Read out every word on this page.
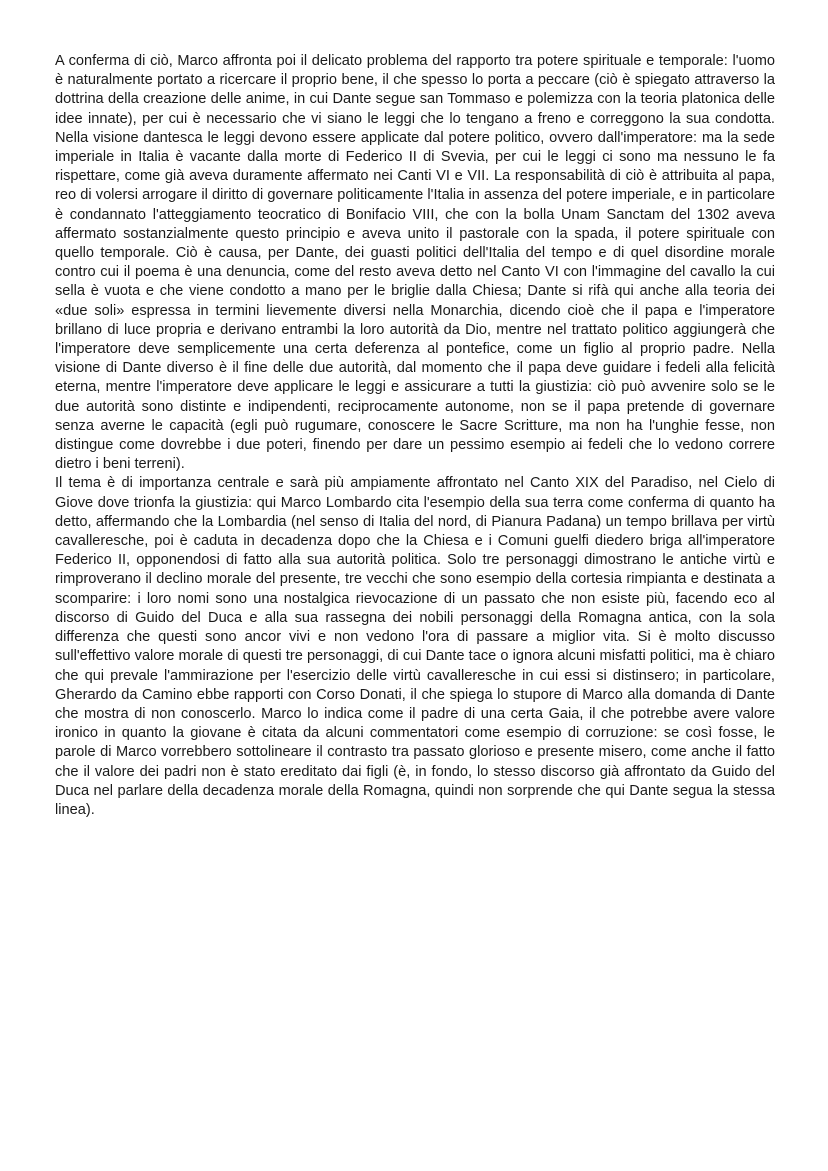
A conferma di ciò, Marco affronta poi il delicato problema del rapporto tra potere spirituale e temporale: l'uomo è naturalmente portato a ricercare il proprio bene, il che spesso lo porta a peccare (ciò è spiegato attraverso la dottrina della creazione delle anime, in cui Dante segue san Tommaso e polemizza con la teoria platonica delle idee innate), per cui è necessario che vi siano le leggi che lo tengano a freno e correggono la sua condotta. Nella visione dantesca le leggi devono essere applicate dal potere politico, ovvero dall'imperatore: ma la sede imperiale in Italia è vacante dalla morte di Federico II di Svevia, per cui le leggi ci sono ma nessuno le fa rispettare, come già aveva duramente affermato nei Canti VI e VII. La responsabilità di ciò è attribuita al papa, reo di volersi arrogare il diritto di governare politicamente l'Italia in assenza del potere imperiale, e in particolare è condannato l'atteggiamento teocratico di Bonifacio VIII, che con la bolla Unam Sanctam del 1302 aveva affermato sostanzialmente questo principio e aveva unito il pastorale con la spada, il potere spirituale con quello temporale. Ciò è causa, per Dante, dei guasti politici dell'Italia del tempo e di quel disordine morale contro cui il poema è una denuncia, come del resto aveva detto nel Canto VI con l'immagine del cavallo la cui sella è vuota e che viene condotto a mano per le briglie dalla Chiesa; Dante si rifà qui anche alla teoria dei «due soli» espressa in termini lievemente diversi nella Monarchia, dicendo cioè che il papa e l'imperatore brillano di luce propria e derivano entrambi la loro autorità da Dio, mentre nel trattato politico aggiungerà che l'imperatore deve semplicemente una certa deferenza al pontefice, come un figlio al proprio padre. Nella visione di Dante diverso è il fine delle due autorità, dal momento che il papa deve guidare i fedeli alla felicità eterna, mentre l'imperatore deve applicare le leggi e assicurare a tutti la giustizia: ciò può avvenire solo se le due autorità sono distinte e indipendenti, reciprocamente autonome, non se il papa pretende di governare senza averne le capacità (egli può rugumare, conoscere le Sacre Scritture, ma non ha l'unghie fesse, non distingue come dovrebbe i due poteri, finendo per dare un pessimo esempio ai fedeli che lo vedono correre dietro i beni terreni).

Il tema è di importanza centrale e sarà più ampiamente affrontato nel Canto XIX del Paradiso, nel Cielo di Giove dove trionfa la giustizia: qui Marco Lombardo cita l'esempio della sua terra come conferma di quanto ha detto, affermando che la Lombardia (nel senso di Italia del nord, di Pianura Padana) un tempo brillava per virtù cavalleresche, poi è caduta in decadenza dopo che la Chiesa e i Comuni guelfi diedero briga all'imperatore Federico II, opponendosi di fatto alla sua autorità politica. Solo tre personaggi dimostrano le antiche virtù e rimproverano il declino morale del presente, tre vecchi che sono esempio della cortesia rimpianta e destinata a scomparire: i loro nomi sono una nostalgica rievocazione di un passato che non esiste più, facendo eco al discorso di Guido del Duca e alla sua rassegna dei nobili personaggi della Romagna antica, con la sola differenza che questi sono ancor vivi e non vedono l'ora di passare a miglior vita. Si è molto discusso sull'effettivo valore morale di questi tre personaggi, di cui Dante tace o ignora alcuni misfatti politici, ma è chiaro che qui prevale l'ammirazione per l'esercizio delle virtù cavalleresche in cui essi si distinsero; in particolare, Gherardo da Camino ebbe rapporti con Corso Donati, il che spiega lo stupore di Marco alla domanda di Dante che mostra di non conoscerlo. Marco lo indica come il padre di una certa Gaia, il che potrebbe avere valore ironico in quanto la giovane è citata da alcuni commentatori come esempio di corruzione: se così fosse, le parole di Marco vorrebbero sottolineare il contrasto tra passato glorioso e presente misero, come anche il fatto che il valore dei padri non è stato ereditato dai figli (è, in fondo, lo stesso discorso già affrontato da Guido del Duca nel parlare della decadenza morale della Romagna, quindi non sorprende che qui Dante segua la stessa linea).
